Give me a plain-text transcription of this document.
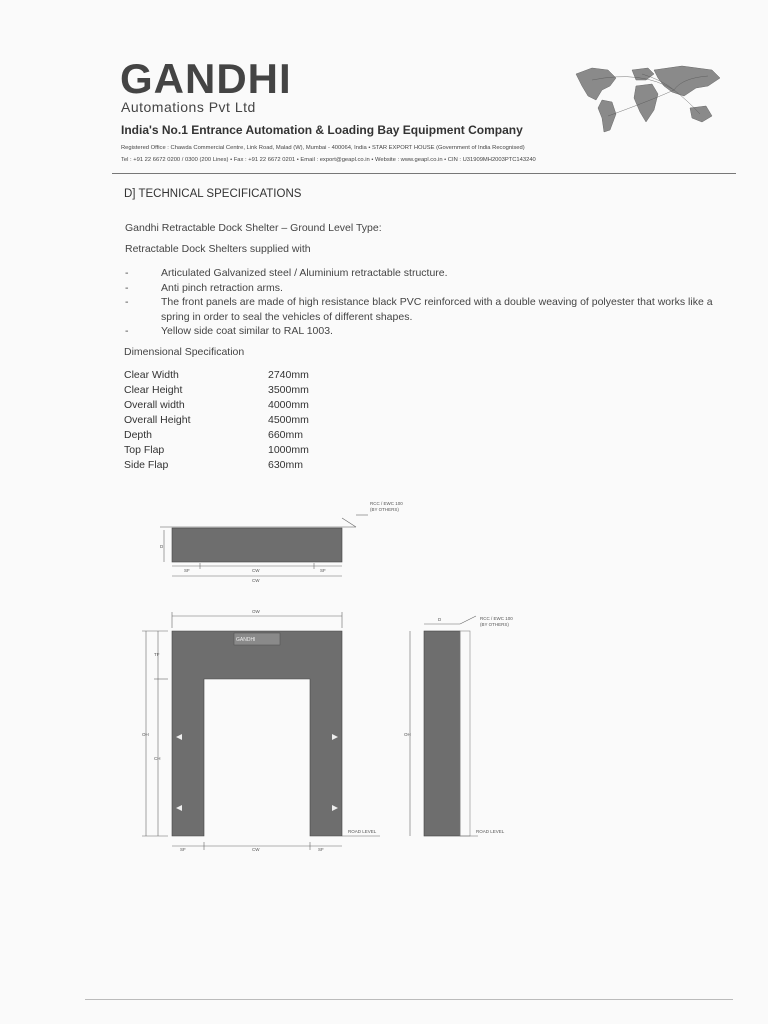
GANDHI
Automations Pvt Ltd
India's No.1 Entrance Automation & Loading Bay Equipment Company
Registered Office : Chawda Commercial Centre, Link Road, Malad (W), Mumbai - 400064, India • STAR EXPORT HOUSE (Government of India Recognised)
Tel : +91 22 6672 0200 / 0300 (200 Lines) • Fax : +91 22 6672 0201 • Email : export@geapl.co.in • Website : www.geapl.co.in • CIN : U31909MH2003PTC143240
D] TECHNICAL SPECIFICATIONS
Gandhi Retractable Dock Shelter – Ground Level Type:
Retractable Dock Shelters supplied with
-	Articulated Galvanized steel / Aluminium retractable structure.
-	Anti pinch retraction arms.
-	The front panels are made of high resistance black PVC reinforced with a double weaving of polyester that works like a spring in order to seal the vehicles of different shapes.
-	Yellow side coat similar to RAL 1003.
Dimensional Specification
Clear Width	2740mm
Clear Height	3500mm
Overall width	4000mm
Overall Height	4500mm
Depth	660mm
Top Flap	1000mm
Side Flap	630mm
RCC / EWC 100
(BY OTHERS)
D
SF	CW	SF
CW
OW
TF
OH
CH
GANDHI
SF	CW	SF
ROAD LEVEL
D	RCC / EWC 100
(BY OTHERS)
OH
ROAD LEVEL
